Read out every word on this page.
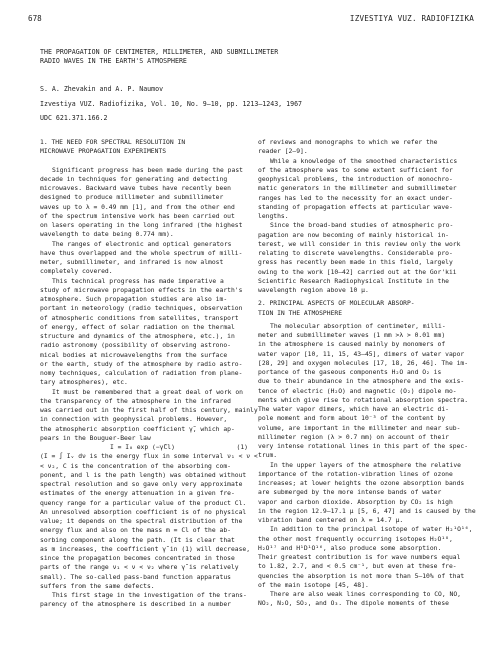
678	IZVESTIYA VUZ. RADIOFIZIKA
THE PROPAGATION OF CENTIMETER, MILLIMETER, AND SUBMILLIMETER
RADIO WAVES IN THE EARTH'S ATMOSPHERE
S. A. Zhevakin and A. P. Naumov
Izvestiya VUZ. Radiofizika, Vol. 10, No. 9–10, pp. 1213–1243, 1967
UDC 621.371.166.2
1. THE NEED FOR SPECTRAL RESOLUTION IN
MICROWAVE PROPAGATION EXPERIMENTS
Significant progress has been made during the past
decade in techniques for generating and detecting
microwaves. Backward wave tubes have recently been
designed to produce millimeter and submillimeter
waves up to λ = 0.49 mm [1], and from the other end
of the spectrum intensive work has been carried out
on lasers operating in the long infrared (the highest
wavelength to date being 0.774 mm).
The ranges of electronic and optical generators
have thus overlapped and the whole spectrum of milli-
meter, submillimeter, and infrared is now almost
completely covered.
This technical progress has made imperative a
study of microwave propagation effects in the earth's
atmosphere. Such propagation studies are also im-
portant in meteorology (radio techniques, observation
of atmospheric conditions from satellites, transport
of energy, effect of solar radiation on the thermal
structure and dynamics of the atmosphere, etc.), in
radio astronomy (possibility of observing astrono-
mical bodies at microwavelengths from the surface
or the earth, study of the atmosphere by radio astro-
nomy techniques, calculation of radiation from plane-
tary atmospheres), etc.
It must be remembered that a great deal of work on
the transparency of the atmosphere in the infrared
was carried out in the first half of this century, mainly
in connection with geophysical problems. However,
the atmospheric absorption coefficient γ̃, which ap-
pears in the Bouguer-Beer law
I = I₀ exp (−γ̃Cl)	(1)
(I = ∫ Iᵥ dν is the energy flux in some interval ν₁ < ν <
< ν₂, C is the concentration of the absorbing com-
ponent, and l is the path length) was obtained without
spectral resolution and so gave only very approximate
estimates of the energy attenuation in a given fre-
quency range for a particular value of the product Cl.
An unresolved absorption coefficient is of no physical
value; it depends on the spectral distribution of the
energy flux and also on the mass m = Cl of the ab-
sorbing component along the path. (It is clear that
as m increases, the coefficient γ̃ in (1) will decrease,
since the propagation becomes concentrated in those
parts of the range ν₁ < ν < ν₂ where γ̃ is relatively
small). The so-called pass-band function apparatus
suffers from the same defects.
This first stage in the investigation of the trans-
parency of the atmosphere is described in a number
of reviews and monographs to which we refer the
reader [2–9].
While a knowledge of the smoothed characteristics
of the atmosphere was to some extent sufficient for
geophysical problems, the introduction of monochro-
matic generators in the millimeter and submillimeter
ranges has led to the necessity for an exact under-
standing of propagation effects at particular wave-
lengths.
Since the broad-band studies of atmospheric pro-
pagation are now becoming of mainly historical in-
terest, we will consider in this review only the work
relating to discrete wavelengths. Considerable pro-
gress has recently been made in this field, largely
owing to the work [10–42] carried out at the Gor'kii
Scientific Research Radiophysical Institute in the
wavelength region above 10 μ.
2. PRINCIPAL ASPECTS OF MOLECULAR ABSORP-
TION IN THE ATMOSPHERE
The molecular absorption of centimeter, milli-
meter and submillimeter waves (1 mm >λ > 0.01 mm)
in the atmosphere is caused mainly by monomers of
water vapor [10, 11, 15, 43–45], dimers of water vapor
[28, 29] and oxygen molecules [17, 18, 26, 46]. The im-
portance of the gaseous components H₂O and O₂ is
due to their abundance in the atmosphere and the exis-
tence of electric (H₂O) and magnetic (O₂) dipole mo-
ments which give rise to rotational absorption spectra.
The water vapor dimers, which have an electric di-
pole moment and form about 10⁻³ of the content by
volume, are important in the millimeter and near sub-
millimeter region (λ > 0.7 mm) on account of their
very intense rotational lines in this part of the spec-
trum.
In the upper layers of the atmosphere the relative
importance of the rotation-vibration lines of ozone
increases; at lower heights the ozone absorption bands
are submerged by the more intense bands of water
vapor and carbon dioxide. Absorption by CO₂ is high
in the region 12.9–17.1 μ [5, 6, 47] and is caused by the
vibration band centered on λ = 14.7 μ.
In addition to the principal isotope of water H₂¹O¹⁶,
the other most frequently occurring isotopes H₂O¹⁸,
H₂O¹⁷ and H¹D¹O¹⁶, also produce some absorption.
Their greatest contribution is for wave numbers equal
to 1.82, 2.7, and < 0.5 cm⁻¹, but even at these fre-
quencies the absorption is not more than 5–10% of that
of the main isotope [45, 48].
There are also weak lines corresponding to CO, NO,
NO₂, N₂O, SO₂, and O₃. The dipole moments of these
